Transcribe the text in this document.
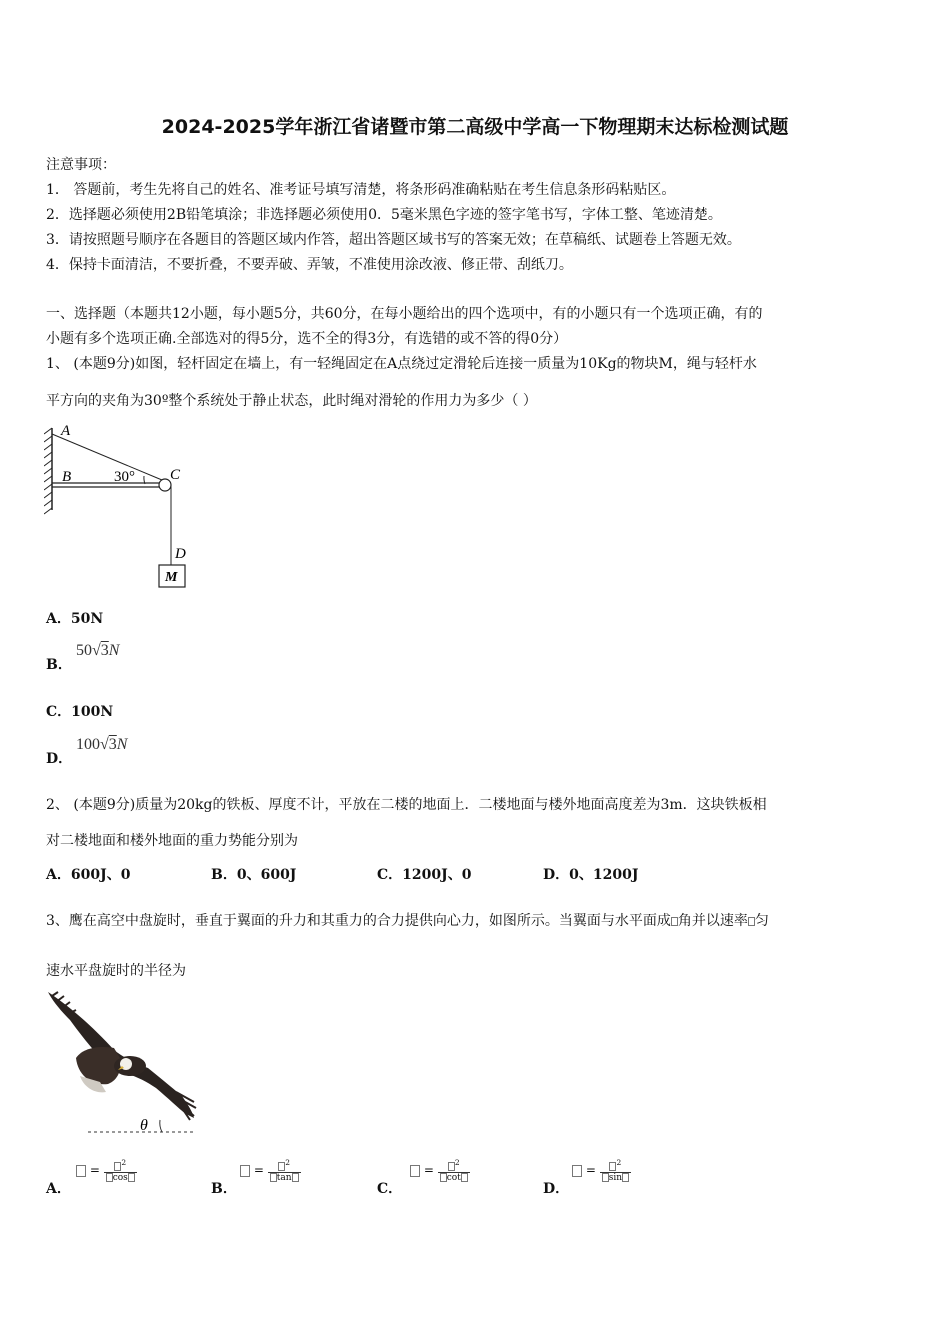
2024-2025学年浙江省诸暨市第二高级中学高一下物理期末达标检测试题
注意事项：
1． 答题前，考生先将自己的姓名、准考证号填写清楚，将条形码准确粘贴在考生信息条形码粘贴区。
2．选择题必须使用2B铅笔填涂；非选择题必须使用0．5毫米黑色字迹的签字笔书写，字体工整、笔迹清楚。
3．请按照题号顺序在各题目的答题区域内作答，超出答题区域书写的答案无效；在草稿纸、试题卷上答题无效。
4．保持卡面清洁，不要折叠，不要弄破、弄皱，不准使用涂改液、修正带、刮纸刀。
一、选择题（本题共12小题，每小题5分，共60分，在每小题给出的四个选项中，有的小题只有一个选项正确，有的
小题有多个选项正确.全部选对的得5分，选不全的得3分，有选错的或不答的得0分）
1、 (本题9分)如图，轻杆固定在墙上，有一轻绳固定在A点绕过定滑轮后连接一质量为10Kg的物块M，绳与轻杆水
平方向的夹角为30º整个系统处于静止状态，此时绳对滑轮的作用力为多少（ ）
A
B	30° C
D
M
A．50N
B．
50√3N
C．100N
D．
100√3N
2、 (本题9分)质量为20kg的铁板、厚度不计，平放在二楼的地面上．二楼地面与楼外地面高度差为3m．这块铁板相
对二楼地面和楼外地面的重力势能分别为
A．600J、0	B．0、600J	C．1200J、0	D．0、1200J
3、鹰在高空中盘旋时，垂直于翼面的升力和其重力的合力提供向心力，如图所示。当翼面与水平面成 角并以速率 匀
速水平盘旋时的半径为
θ
A．
= $\frac{^2}{\cos}$
B．
= $\frac{^2}{\tan}$
C．
= $\frac{^2}{\cot}$
D．
= $\frac{^2}{\sin}$
